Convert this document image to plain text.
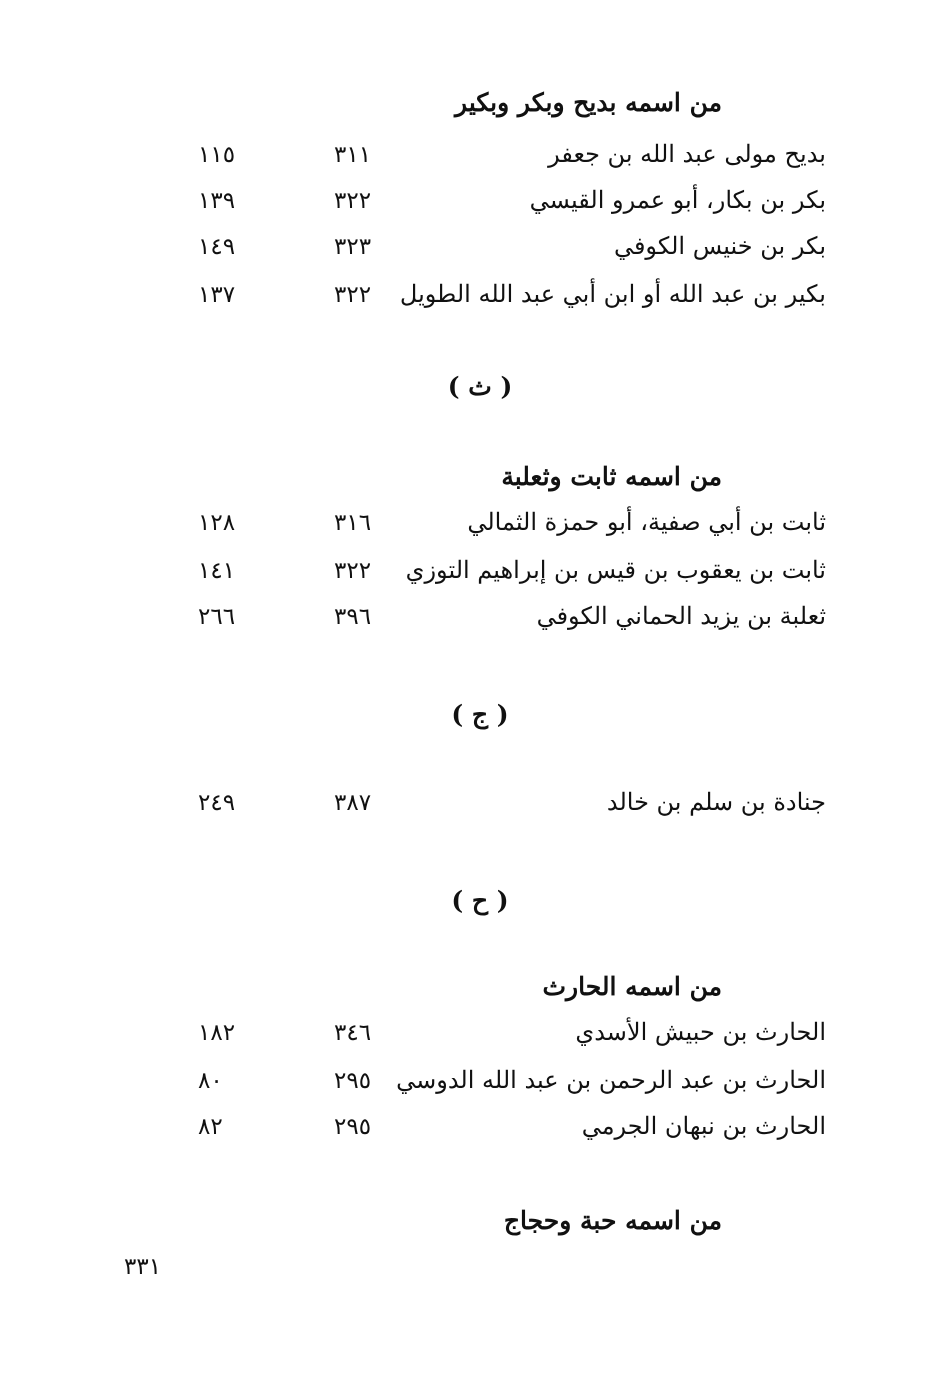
من اسمه بديح وبكر وبكير
بديح مولى عبد الله بن جعفر
٣١١
١١٥
بكر بن بكار، أبو عمرو القيسي
٣٢٢
١٣٩
بكر بن خنيس الكوفي
٣٢٣
١٤٩
بكير بن عبد الله أو ابن أبي عبد الله الطويل
٣٢٢
١٣٧
( ث )
من اسمه ثابت وثعلبة
ثابت بن أبي صفية، أبو حمزة الثمالي
٣١٦
١٢٨
ثابت بن يعقوب بن قيس بن إبراهيم التوزي
٣٢٢
١٤١
ثعلبة بن يزيد الحماني الكوفي
٣٩٦
٢٦٦
( ج )
جنادة بن سلم بن خالد
٣٨٧
٢٤٩
( ح )
من اسمه الحارث
الحارث بن حبيش الأسدي
٣٤٦
١٨٢
الحارث بن عبد الرحمن بن عبد الله الدوسي
٢٩٥
٨٠
الحارث بن نبهان الجرمي
٢٩٥
٨٢
من اسمه حبة وحجاج
٣٣١
